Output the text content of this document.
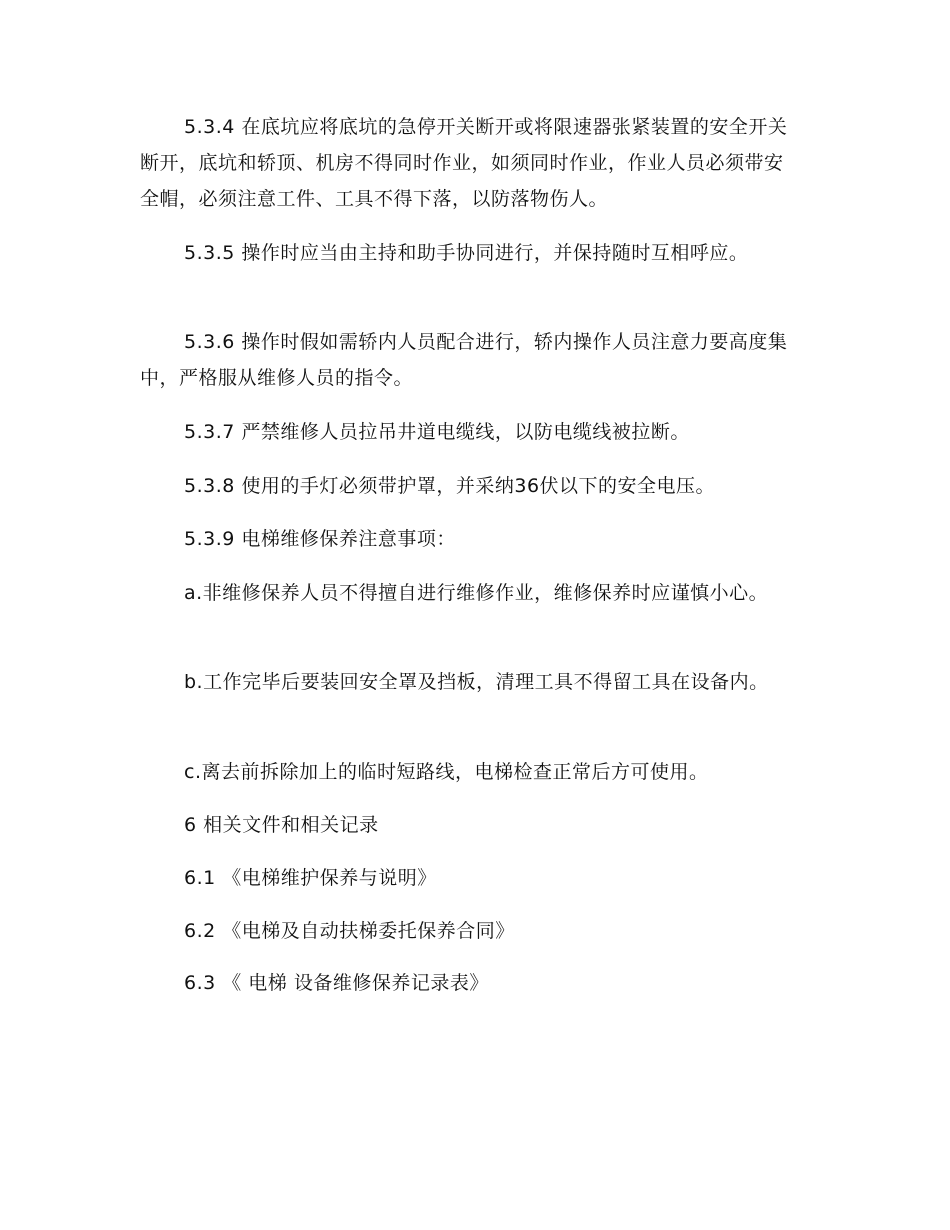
5.3.4 在底坑应将底坑的急停开关断开或将限速器张紧装置的安全开关断开，底坑和轿顶、机房不得同时作业，如须同时作业，作业人员必须带安全帽，必须注意工件、工具不得下落，以防落物伤人。

5.3.5 操作时应当由主持和助手协同进行，并保持随时互相呼应。

5.3.6 操作时假如需轿内人员配合进行，轿内操作人员注意力要高度集中，严格服从维修人员的指令。

5.3.7 严禁维修人员拉吊井道电缆线，以防电缆线被拉断。

5.3.8 使用的手灯必须带护罩，并采纳36伏以下的安全电压。

5.3.9 电梯维修保养注意事项：

a.非维修保养人员不得擅自进行维修作业，维修保养时应谨慎小心。

b.工作完毕后要装回安全罩及挡板，清理工具不得留工具在设备内。

c.离去前拆除加上的临时短路线，电梯检查正常后方可使用。

6 相关文件和相关记录

6.1 《电梯维护保养与说明》

6.2 《电梯及自动扶梯委托保养合同》

6.3 《 电梯 设备维修保养记录表》
